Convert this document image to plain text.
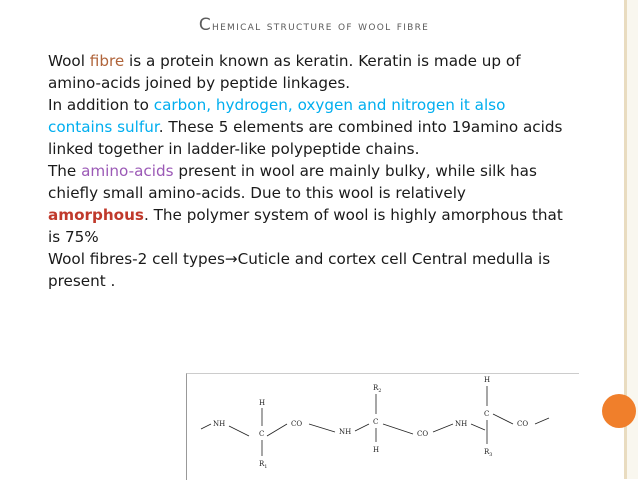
Chemical structure of wool fibre
Wool fibre is a protein known as keratin. Keratin is made up of amino-acids joined by peptide linkages.
In addition to carbon, hydrogen, oxygen and nitrogen it also contains sulfur. These 5 elements are combined into 19amino acids linked together in ladder-like polypeptide chains.
The amino-acids present in wool are mainly bulky, while silk has chiefly small amino-acids. Due to this wool is relatively amorphous. The polymer system of wool is highly amorphous that is 75%
Wool fibres-2 cell types→Cuticle and cortex cell Central medulla is present .
NH
H
C
$R_1$
CO
NH
$R_2$
C
H
CO
NH
H
C
$R_3$
CO
